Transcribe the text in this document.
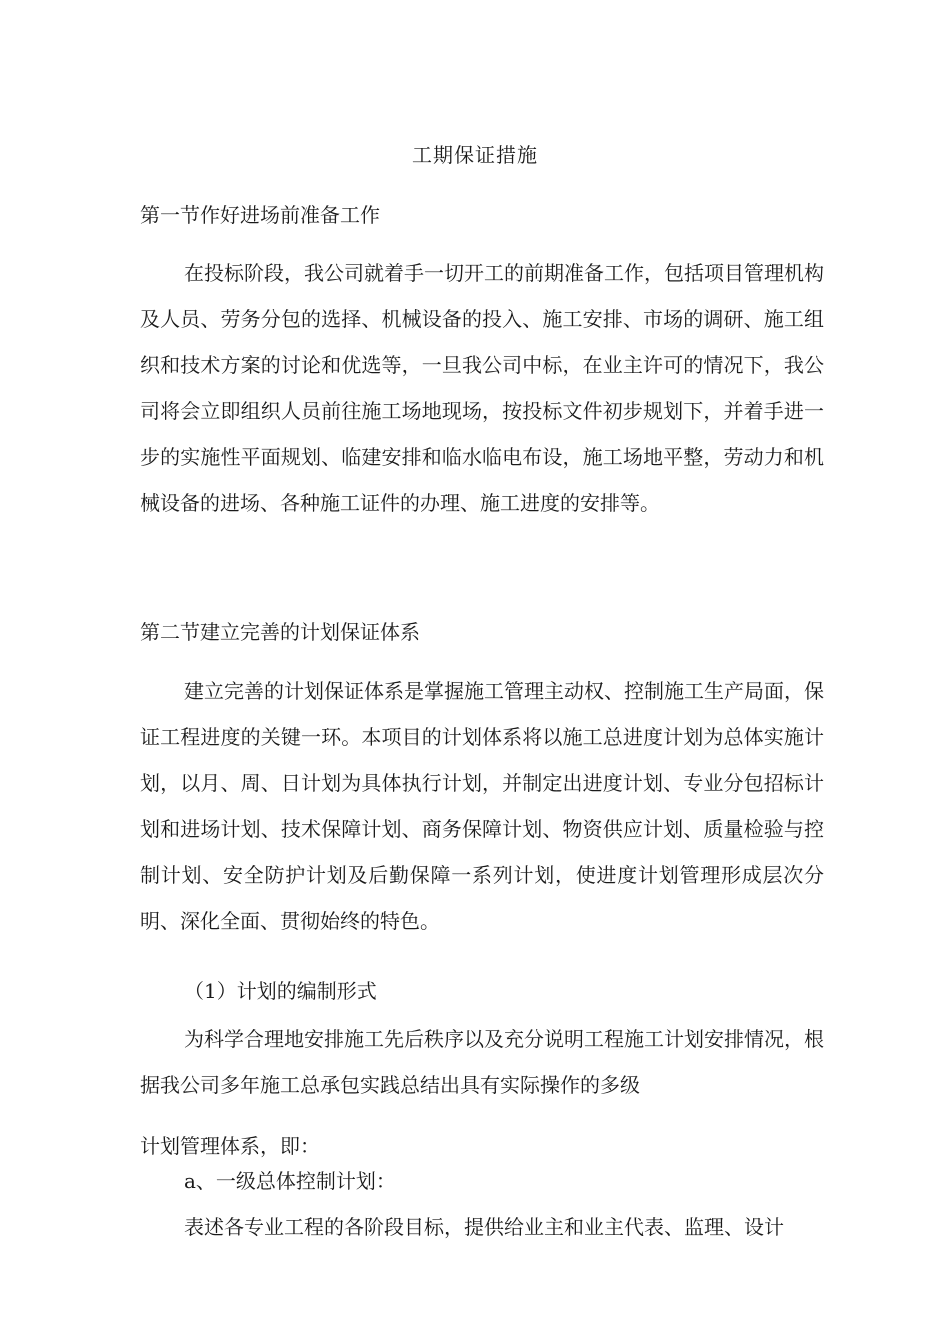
工期保证措施
第一节作好进场前准备工作

在投标阶段，我公司就着手一切开工的前期准备工作，包括项目管理机构及人员、劳务分包的选择、机械设备的投入、施工安排、市场的调研、施工组织和技术方案的讨论和优选等，一旦我公司中标，在业主许可的情况下，我公司将会立即组织人员前往施工场地现场，按投标文件初步规划下，并着手进一步的实施性平面规划、临建安排和临水临电布设，施工场地平整，劳动力和机械设备的进场、各种施工证件的办理、施工进度的安排等。

第二节建立完善的计划保证体系

建立完善的计划保证体系是掌握施工管理主动权、控制施工生产局面，保证工程进度的关键一环。本项目的计划体系将以施工总进度计划为总体实施计划，以月、周、日计划为具体执行计划，并制定出进度计划、专业分包招标计划和进场计划、技术保障计划、商务保障计划、物资供应计划、质量检验与控制计划、安全防护计划及后勤保障一系列计划，使进度计划管理形成层次分明、深化全面、贯彻始终的特色。

（1）计划的编制形式

为科学合理地安排施工先后秩序以及充分说明工程施工计划安排情况，根据我公司多年施工总承包实践总结出具有实际操作的多级

计划管理体系，即：
a、一级总体控制计划：

表述各专业工程的各阶段目标，提供给业主和业主代表、监理、设计
